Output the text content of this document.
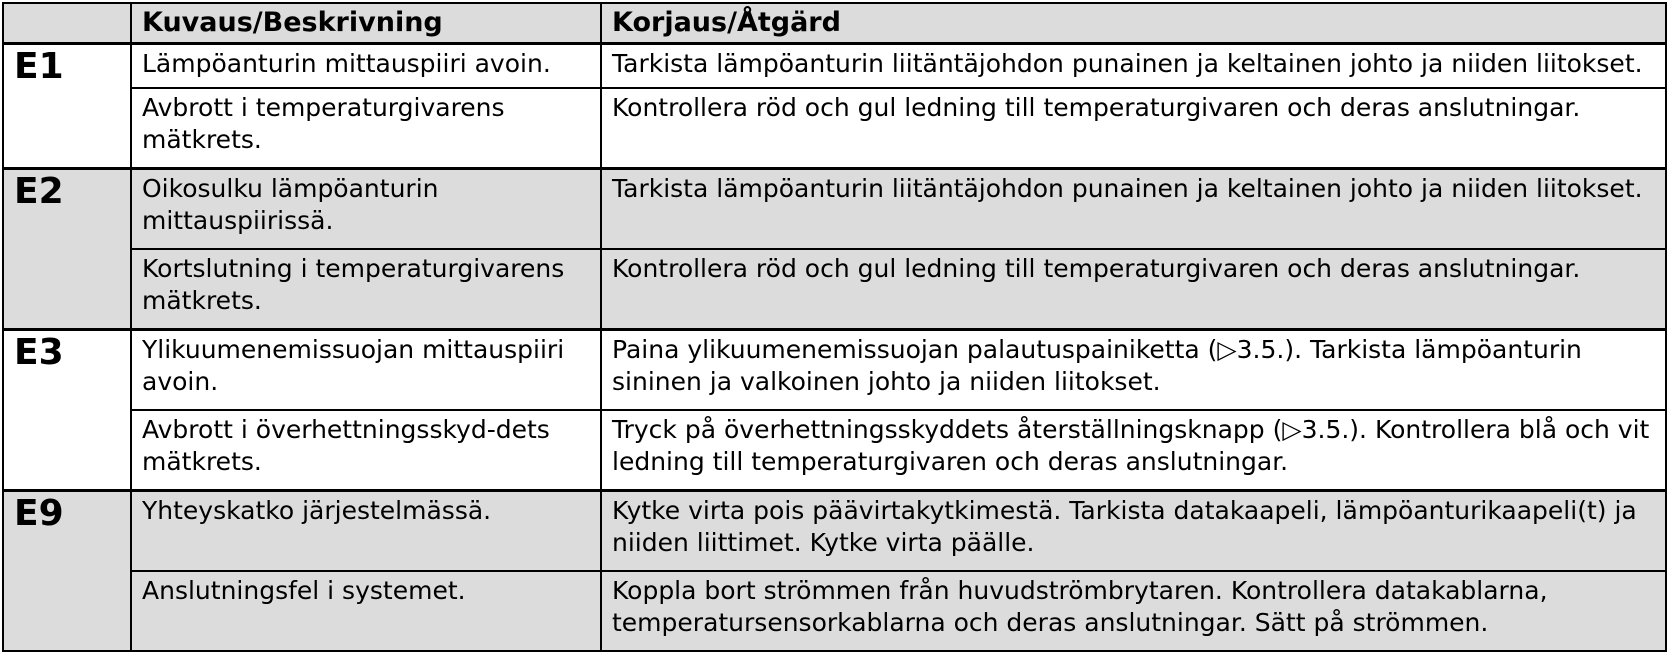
	Kuvaus/Beskrivning	Korjaus/Åtgärd
E1	Lämpöanturin mittauspiiri avoin.	Tarkista lämpöanturin liitäntäjohdon punainen ja keltainen johto ja niiden liitokset.
	Avbrott i temperaturgivarens mätkrets.	Kontrollera röd och gul ledning till temperaturgivaren och deras anslutningar.
E2	Oikosulku lämpöanturin mittauspiirissä.	Tarkista lämpöanturin liitäntäjohdon punainen ja keltainen johto ja niiden liitokset.
	Kortslutning i temperaturgivarens mätkrets.	Kontrollera röd och gul ledning till temperaturgivaren och deras anslutningar.
E3	Ylikuumenemissuojan mittauspiiri avoin.	Paina ylikuumenemissuojan palautuspainiketta (▷3.5.). Tarkista lämpöanturin sininen ja valkoinen johto ja niiden liitokset.
	Avbrott i överhettningsskyd-dets mätkrets.	Tryck på överhettningsskyddets återställningsknapp (▷3.5.). Kontrollera blå och vit ledning till temperaturgivaren och deras anslutningar.
E9	Yhteyskatko järjestelmässä.	Kytke virta pois päävirtakytkimestä. Tarkista datakaapeli, lämpöanturikaapeli(t) ja niiden liittimet. Kytke virta päälle.
	Anslutningsfel i systemet.	Koppla bort strömmen från huvudströmbrytaren. Kontrollera datakablarna, temperatursensorkablarna och deras anslutningar. Sätt på strömmen.
